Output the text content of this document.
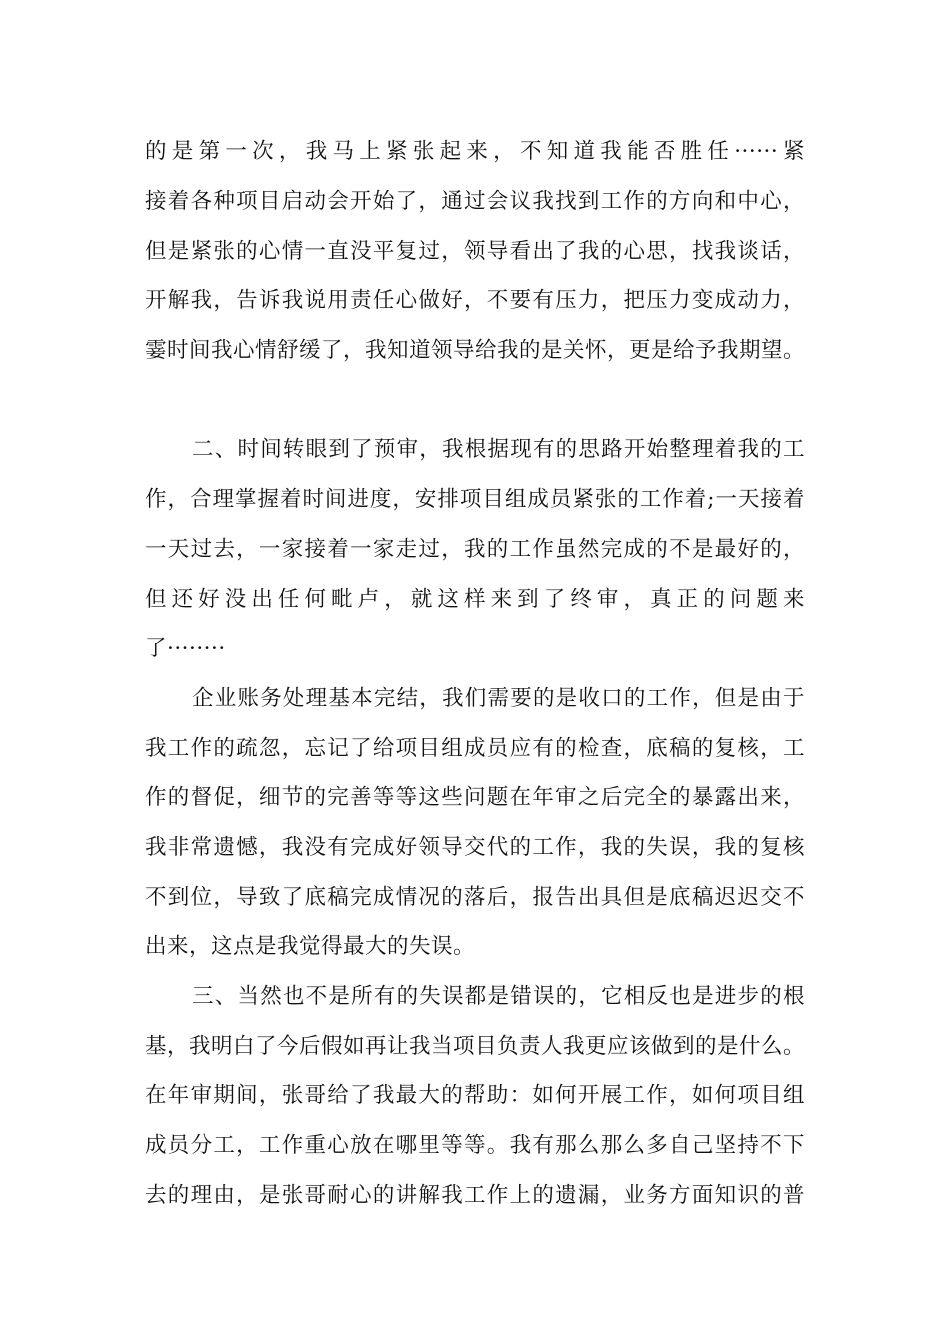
的是第一次，我马上紧张起来，不知道我能否胜任······紧
接着各种项目启动会开始了，通过会议我找到工作的方向和中心，
但是紧张的心情一直没平复过，领导看出了我的心思，找我谈话，
开解我，告诉我说用责任心做好，不要有压力，把压力变成动力，
霎时间我心情舒缓了，我知道领导给我的是关怀，更是给予我期望。
二、时间转眼到了预审，我根据现有的思路开始整理着我的工
作，合理掌握着时间进度，安排项目组成员紧张的工作着;一天接着
一天过去，一家接着一家走过，我的工作虽然完成的不是最好的，
但还好没出任何毗卢，就这样来到了终审，真正的问题来
了········
企业账务处理基本完结，我们需要的是收口的工作，但是由于
我工作的疏忽，忘记了给项目组成员应有的检查，底稿的复核，工
作的督促，细节的完善等等这些问题在年审之后完全的暴露出来，
我非常遗憾，我没有完成好领导交代的工作，我的失误，我的复核
不到位，导致了底稿完成情况的落后，报告出具但是底稿迟迟交不
出来，这点是我觉得最大的失误。
三、当然也不是所有的失误都是错误的，它相反也是进步的根
基，我明白了今后假如再让我当项目负责人我更应该做到的是什么。
在年审期间，张哥给了我最大的帮助：如何开展工作，如何项目组
成员分工，工作重心放在哪里等等。我有那么那么多自己坚持不下
去的理由，是张哥耐心的讲解我工作上的遗漏，业务方面知识的普
